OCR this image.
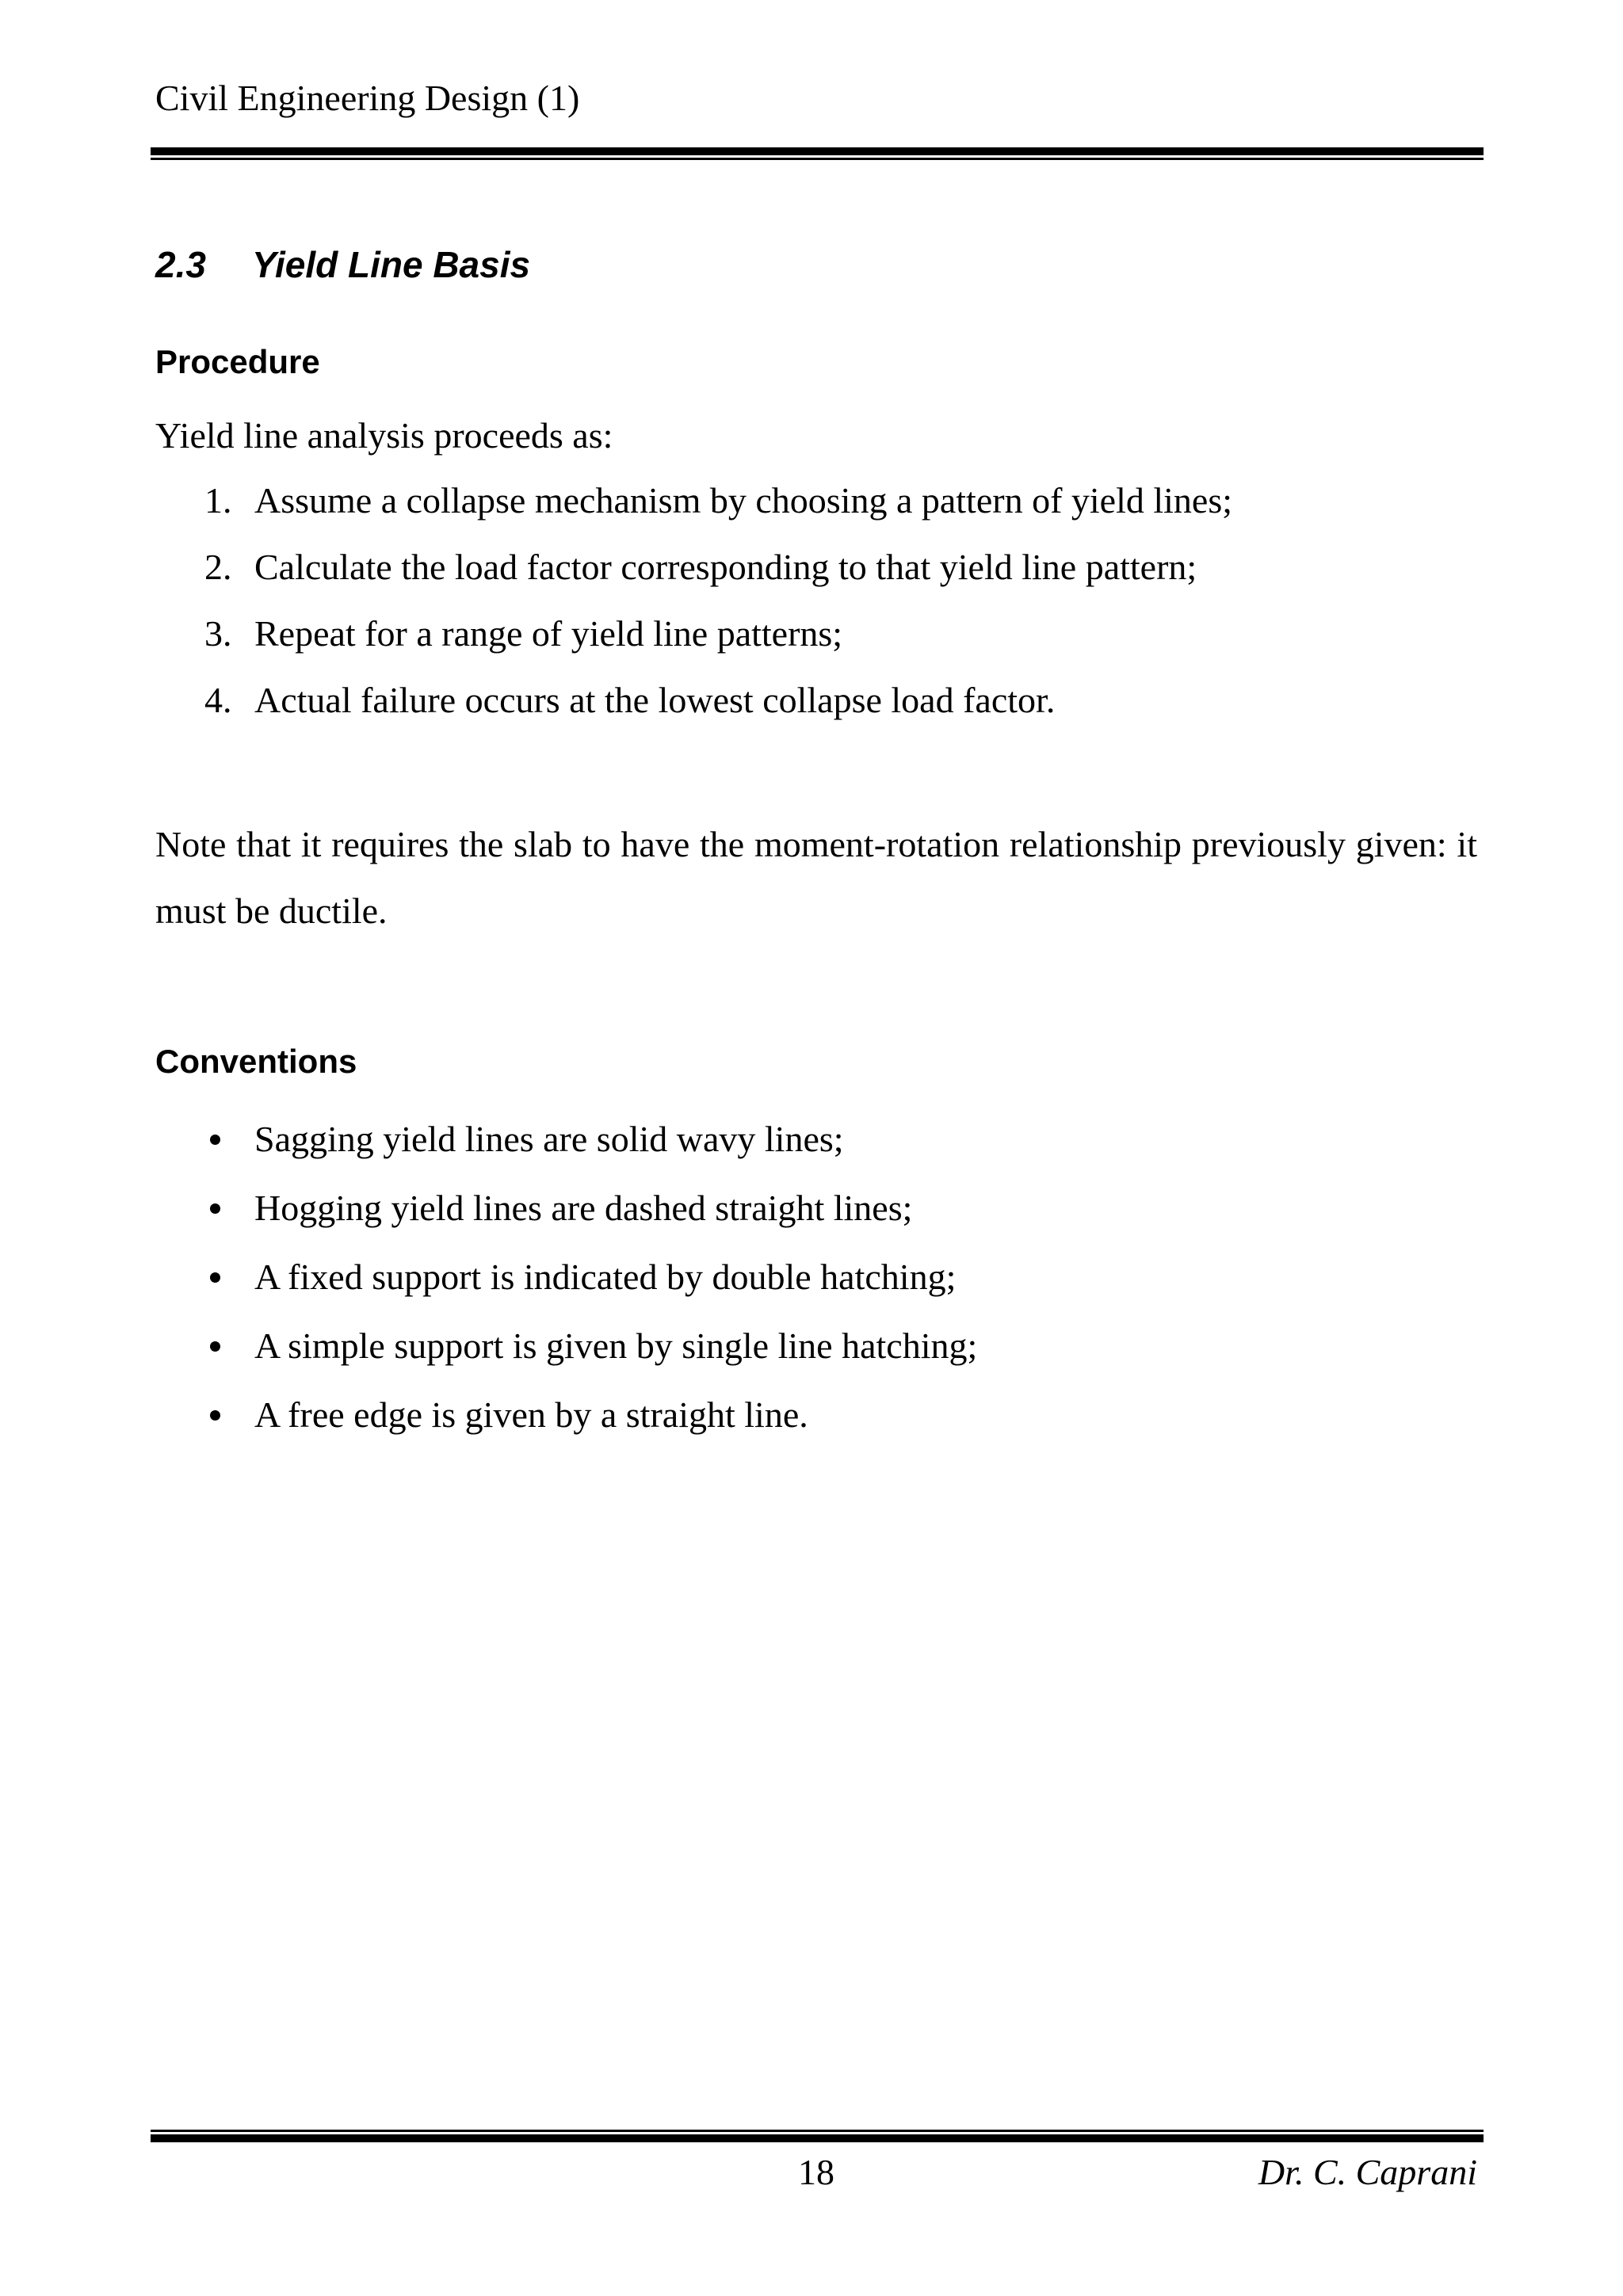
Civil Engineering Design (1)
2.3 Yield Line Basis
Procedure
Yield line analysis proceeds as:
1. Assume a collapse mechanism by choosing a pattern of yield lines;
2. Calculate the load factor corresponding to that yield line pattern;
3. Repeat for a range of yield line patterns;
4. Actual failure occurs at the lowest collapse load factor.
Note that it requires the slab to have the moment-rotation relationship previously given: it must be ductile.
Conventions
Sagging yield lines are solid wavy lines;
Hogging yield lines are dashed straight lines;
A fixed support is indicated by double hatching;
A simple support is given by single line hatching;
A free edge is given by a straight line.
18	Dr. C. Caprani
